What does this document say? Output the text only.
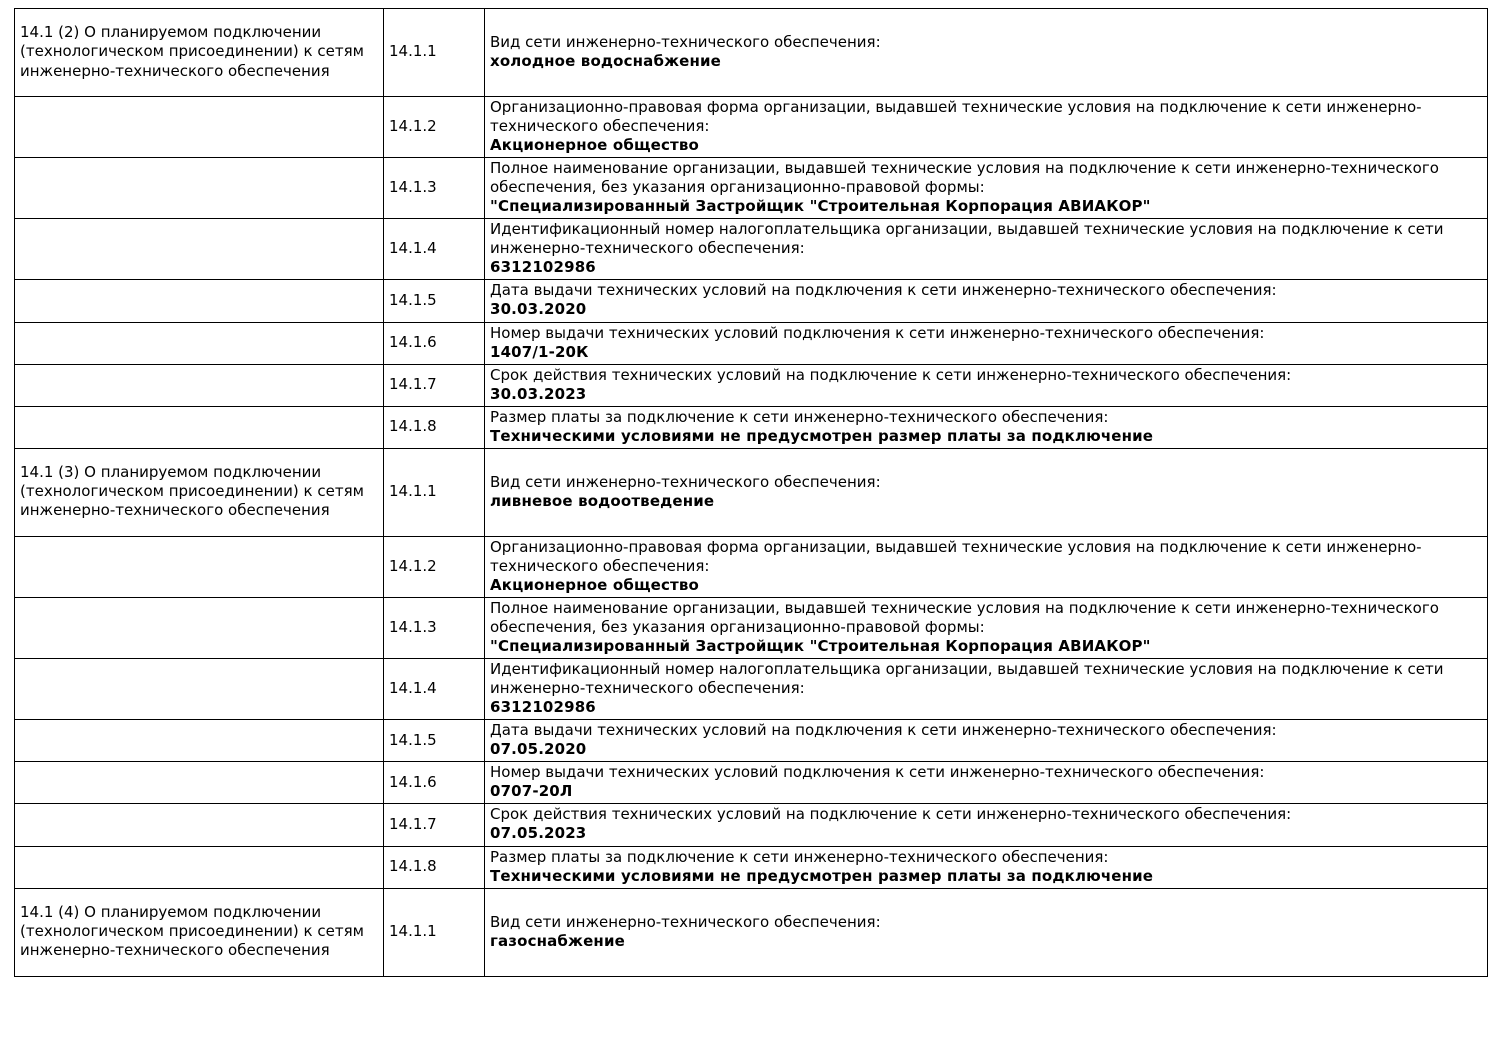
14.1 (2) О планируемом подключении (технологическом присоединении) к сетям инженерно-технического обеспечения	14.1.1	Вид сети инженерно-технического обеспечения:
холодное водоснабжение

	14.1.2	Организационно-правовая форма организации, выдавшей технические условия на подключение к сети инженерно-технического обеспечения:
Акционерное общество

	14.1.3	Полное наименование организации, выдавшей технические условия на подключение к сети инженерно-технического обеспечения, без указания организационно-правовой формы:
"Специализированный Застройщик "Строительная Корпорация АВИАКОР"

	14.1.4	Идентификационный номер налогоплательщика организации, выдавшей технические условия на подключение к сети инженерно-технического обеспечения:
6312102986

	14.1.5	Дата выдачи технических условий на подключения к сети инженерно-технического обеспечения:
30.03.2020

	14.1.6	Номер выдачи технических условий подключения к сети инженерно-технического обеспечения:
1407/1-20К

	14.1.7	Срок действия технических условий на подключение к сети инженерно-технического обеспечения:
30.03.2023

	14.1.8	Размер платы за подключение к сети инженерно-технического обеспечения:
Техническими условиями не предусмотрен размер платы за подключение

14.1 (3) О планируемом подключении (технологическом присоединении) к сетям инженерно-технического обеспечения	14.1.1	Вид сети инженерно-технического обеспечения:
ливневое водоотведение

	14.1.2	Организационно-правовая форма организации, выдавшей технические условия на подключение к сети инженерно-технического обеспечения:
Акционерное общество

	14.1.3	Полное наименование организации, выдавшей технические условия на подключение к сети инженерно-технического обеспечения, без указания организационно-правовой формы:
"Специализированный Застройщик "Строительная Корпорация АВИАКОР"

	14.1.4	Идентификационный номер налогоплательщика организации, выдавшей технические условия на подключение к сети инженерно-технического обеспечения:
6312102986

	14.1.5	Дата выдачи технических условий на подключения к сети инженерно-технического обеспечения:
07.05.2020

	14.1.6	Номер выдачи технических условий подключения к сети инженерно-технического обеспечения:
0707-20Л

	14.1.7	Срок действия технических условий на подключение к сети инженерно-технического обеспечения:
07.05.2023

	14.1.8	Размер платы за подключение к сети инженерно-технического обеспечения:
Техническими условиями не предусмотрен размер платы за подключение

14.1 (4) О планируемом подключении (технологическом присоединении) к сетям инженерно-технического обеспечения	14.1.1	Вид сети инженерно-технического обеспечения:
газоснабжение
